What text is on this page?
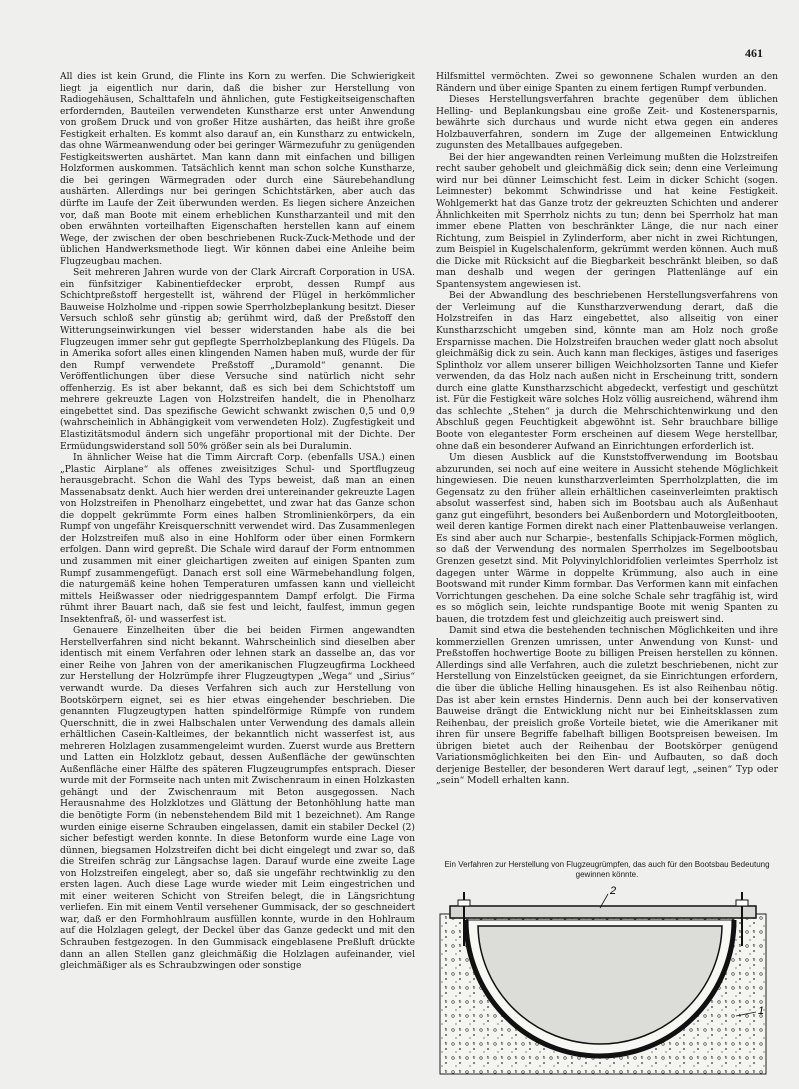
461

All dies ist kein Grund, die Flinte ins Korn zu werfen. Die Schwierigkeit liegt ja eigentlich nur darin, daß die bisher zur Herstellung von Radiogehäusen, Schalttafeln und ähnlichen, gute Festigkeitseigenschaften erfordernden, Bauteilen verwendeten Kunstharze erst unter Anwendung von großem Druck und von großer Hitze aushärten, das heißt ihre große Festigkeit erhalten. Es kommt also darauf an, ein Kunstharz zu entwickeln, das ohne Wärmeanwendung oder bei geringer Wärmezufuhr zu genügenden Festigkeitswerten aushärtet. Man kann dann mit einfachen und billigen Holzformen auskommen. Tatsächlich kennt man schon solche Kunstharze, die bei geringen Wärmegraden oder durch eine Säurebehandlung aushärten. Allerdings nur bei geringen Schichtstärken, aber auch das dürfte im Laufe der Zeit überwunden werden. Es liegen sichere Anzeichen vor, daß man Boote mit einem erheblichen Kunstharzanteil und mit den oben erwähnten vorteilhaften Eigenschaften herstellen kann auf einem Wege, der zwischen der oben beschriebenen Ruck-Zuck-Methode und der üblichen Handwerksmethode liegt. Wir können dabei eine Anleihe beim Flugzeugbau machen.

Seit mehreren Jahren wurde von der Clark Aircraft Corporation in USA. ein fünfsitziger Kabinentiefdecker erprobt, dessen Rumpf aus Schichtpreßstoff hergestellt ist, während der Flügel in herkömmlicher Bauweise Holzholme und -rippen sowie Sperrholzbeplankung besitzt. Dieser Versuch schloß sehr günstig ab; gerühmt wird, daß der Preßstoff den Witterungseinwirkungen viel besser widerstanden habe als die bei Flugzeugen immer sehr gut gepflegte Sperrholzbeplankung des Flügels. Da in Amerika sofort alles einen klingenden Namen haben muß, wurde der für den Rumpf verwendete Preßstoff „Duramold“ genannt. Die Veröffentlichungen über diese Versuche sind natürlich nicht sehr offenherzig. Es ist aber bekannt, daß es sich bei dem Schichtstoff um mehrere gekreuzte Lagen von Holzstreifen handelt, die in Phenolharz eingebettet sind. Das spezifische Gewicht schwankt zwischen 0,5 und 0,9 (wahrscheinlich in Abhängigkeit vom verwendeten Holz). Zugfestigkeit und Elastizitätsmodul ändern sich ungefähr proportional mit der Dichte. Der Ermüdungswiderstand soll 50% größer sein als bei Duralumin.

In ähnlicher Weise hat die Timm Aircraft Corp. (ebenfalls USA.) einen „Plastic Airplane“ als offenes zweisitziges Schul- und Sportflugzeug herausgebracht. Schon die Wahl des Typs beweist, daß man an einen Massenabsatz denkt. Auch hier werden drei untereinander gekreuzte Lagen von Holzstreifen in Phenolharz eingebettet, und zwar hat das Ganze schon die doppelt gekrümmte Form eines halben Stromlinienkörpers, da ein Rumpf von ungefähr Kreisquerschnitt verwendet wird. Das Zusammenlegen der Holzstreifen muß also in eine Hohlform oder über einen Formkern erfolgen. Dann wird gepreßt. Die Schale wird darauf der Form entnommen und zusammen mit einer gleichartigen zweiten auf einigen Spanten zum Rumpf zusammengefügt. Danach erst soll eine Wärmebehandlung folgen, die naturgemäß keine hohen Temperaturen umfassen kann und vielleicht mittels Heißwasser oder niedriggespanntem Dampf erfolgt. Die Firma rühmt ihrer Bauart nach, daß sie fest und leicht, faulfest, immun gegen Insektenfraß, öl- und wasserfest ist.

Genauere Einzelheiten über die bei beiden Firmen angewandten Herstellverfahren sind nicht bekannt. Wahrscheinlich sind dieselben aber identisch mit einem Verfahren oder lehnen stark an dasselbe an, das vor einer Reihe von Jahren von der amerikanischen Flugzeugfirma Lockheed zur Herstellung der Holzrümpfe ihrer Flugzeugtypen „Wega“ und „Sirius“ verwandt wurde. Da dieses Verfahren sich auch zur Herstellung von Bootskörpern eignet, sei es hier etwas eingehender beschrieben. Die genannten Flugzeugtypen hatten spindelförmige Rümpfe von rundem Querschnitt, die in zwei Halbschalen unter Verwendung des damals allein erhältlichen Casein-Kaltleimes, der bekanntlich nicht wasserfest ist, aus mehreren Holzlagen zusammengeleimt wurden. Zuerst wurde aus Brettern und Latten ein Holzklotz gebaut, dessen Außenfläche der gewünschten Außenfläche einer Hälfte des späteren Flugzeugrumpfes entsprach. Dieser wurde mit der Formseite nach unten mit Zwischenraum in einen Holzkasten gehängt und der Zwischenraum mit Beton ausgegossen. Nach Herausnahme des Holzklotzes und Glättung der Betonhöhlung hatte man die benötigte Form (in nebenstehendem Bild mit 1 bezeichnet). Am Range wurden einige eiserne Schrauben eingelassen, damit ein stabiler Deckel (2) sicher befestigt werden konnte. In diese Betonform wurde eine Lage von dünnen, biegsamen Holzstreifen dicht bei dicht eingelegt und zwar so, daß die Streifen schräg zur Längsachse lagen. Darauf wurde eine zweite Lage von Holzstreifen eingelegt, aber so, daß sie ungefähr rechtwinklig zu den ersten lagen. Auch diese Lage wurde wieder mit Leim eingestrichen und mit einer weiteren Schicht von Streifen belegt, die in Längsrichtung verliefen. Ein mit einem Ventil versehener Gummisack, der so geschneidert war, daß er den Formhohlraum ausfüllen konnte, wurde in den Hohlraum auf die Holzlagen gelegt, der Deckel über das Ganze gedeckt und mit den Schrauben festgezogen. In den Gummisack eingeblasene Preßluft drückte dann an allen Stellen ganz gleichmäßig die Holzlagen aufeinander, viel gleichmäßiger als es Schraubzwingen oder sonstige

Hilfsmittel vermöchten. Zwei so gewonnene Schalen wurden an den Rändern und über einige Spanten zu einem fertigen Rumpf verbunden.

Dieses Herstellungsverfahren brachte gegenüber dem üblichen Helling- und Beplankungsbau eine große Zeit- und Kostenersparnis, bewährte sich durchaus und wurde nicht etwa gegen ein anderes Holzbauverfahren, sondern im Zuge der allgemeinen Entwicklung zugunsten des Metallbaues aufgegeben.

Bei der hier angewandten reinen Verleimung mußten die Holzstreifen recht sauber gehobelt und gleichmäßig dick sein; denn eine Verleimung wird nur bei dünner Leimschicht fest. Leim in dicker Schicht (sogen. Leimnester) bekommt Schwindrisse und hat keine Festigkeit. Wohlgemerkt hat das Ganze trotz der gekreuzten Schichten und anderer Ähnlichkeiten mit Sperrholz nichts zu tun; denn bei Sperrholz hat man immer ebene Platten von beschränkter Länge, die nur nach einer Richtung, zum Beispiel in Zylinderform, aber nicht in zwei Richtungen, zum Beispiel in Kugelschalenform, gekrümmt werden können. Auch muß die Dicke mit Rücksicht auf die Biegbarkeit beschränkt bleiben, so daß man deshalb und wegen der geringen Plattenlänge auf ein Spantensystem angewiesen ist.

Bei der Abwandlung des beschriebenen Herstellungsverfahrens von der Verleimung auf die Kunstharzverwendung derart, daß die Holzstreifen in das Harz eingebettet, also allseitig von einer Kunstharzschicht umgeben sind, könnte man am Holz noch große Ersparnisse machen. Die Holzstreifen brauchen weder glatt noch absolut gleichmäßig dick zu sein. Auch kann man fleckiges, ästiges und faseriges Splintholz vor allem unserer billigen Weichholzsorten Tanne und Kiefer verwenden, da das Holz nach außen nicht in Erscheinung tritt, sondern durch eine glatte Kunstharzschicht abgedeckt, verfestigt und geschützt ist. Für die Festigkeit wäre solches Holz völlig ausreichend, während ihm das schlechte „Stehen“ ja durch die Mehrschichtenwirkung und den Abschluß gegen Feuchtigkeit abgewöhnt ist. Sehr brauchbare billige Boote von elegantester Form erscheinen auf diesem Wege herstellbar, ohne daß ein besonderer Aufwand an Einrichtungen erforderlich ist.

Um diesen Ausblick auf die Kunststoffverwendung im Bootsbau abzurunden, sei noch auf eine weitere in Aussicht stehende Möglichkeit hingewiesen. Die neuen kunstharzverleimten Sperrholzplatten, die im Gegensatz zu den früher allein erhältlichen caseinverleimten praktisch absolut wasserfest sind, haben sich im Bootsbau auch als Außenhaut ganz gut eingeführt, besonders bei Außenbordern und Motorgleitbooten, weil deren kantige Formen direkt nach einer Plattenbauweise verlangen. Es sind aber auch nur Scharpie-, bestenfalls Schipjack-Formen möglich, so daß der Verwendung des normalen Sperrholzes im Segelbootsbau Grenzen gesetzt sind. Mit Polyvinylchloridfolien verleimtes Sperrholz ist dagegen unter Wärme in doppelte Krümmung, also auch in eine Bootswand mit runder Kimm formbar. Das Verformen kann mit einfachen Vorrichtungen geschehen. Da eine solche Schale sehr tragfähig ist, wird es so möglich sein, leichte rundspantige Boote mit wenig Spanten zu bauen, die trotzdem fest und gleichzeitig auch preiswert sind.

Damit sind etwa die bestehenden technischen Möglichkeiten und ihre kommerziellen Grenzen umrissen, unter Anwendung von Kunst- und Preßstoffen hochwertige Boote zu billigen Preisen herstellen zu können. Allerdings sind alle Verfahren, auch die zuletzt beschriebenen, nicht zur Herstellung von Einzelstücken geeignet, da sie Einrichtungen erfordern, die über die übliche Helling hinausgehen. Es ist also Reihenbau nötig. Das ist aber kein ernstes Hindernis. Denn auch bei der konservativen Bauweise drängt die Entwicklung nicht nur bei Einheitsklassen zum Reihenbau, der preislich große Vorteile bietet, wie die Amerikaner mit ihren für unsere Begriffe fabelhaft billigen Bootspreisen beweisen. Im übrigen bietet auch der Reihenbau der Bootskörper genügend Variationsmöglichkeiten bei den Ein- und Aufbauten, so daß doch derjenige Besteller, der besonderen Wert darauf legt, „seinen“ Typ oder „sein“ Modell erhalten kann.

Ein Verfahren zur Herstellung von Flugzeugrümpfen, das auch für den Bootsbau Bedeutung gewinnen könnte.
2
1
